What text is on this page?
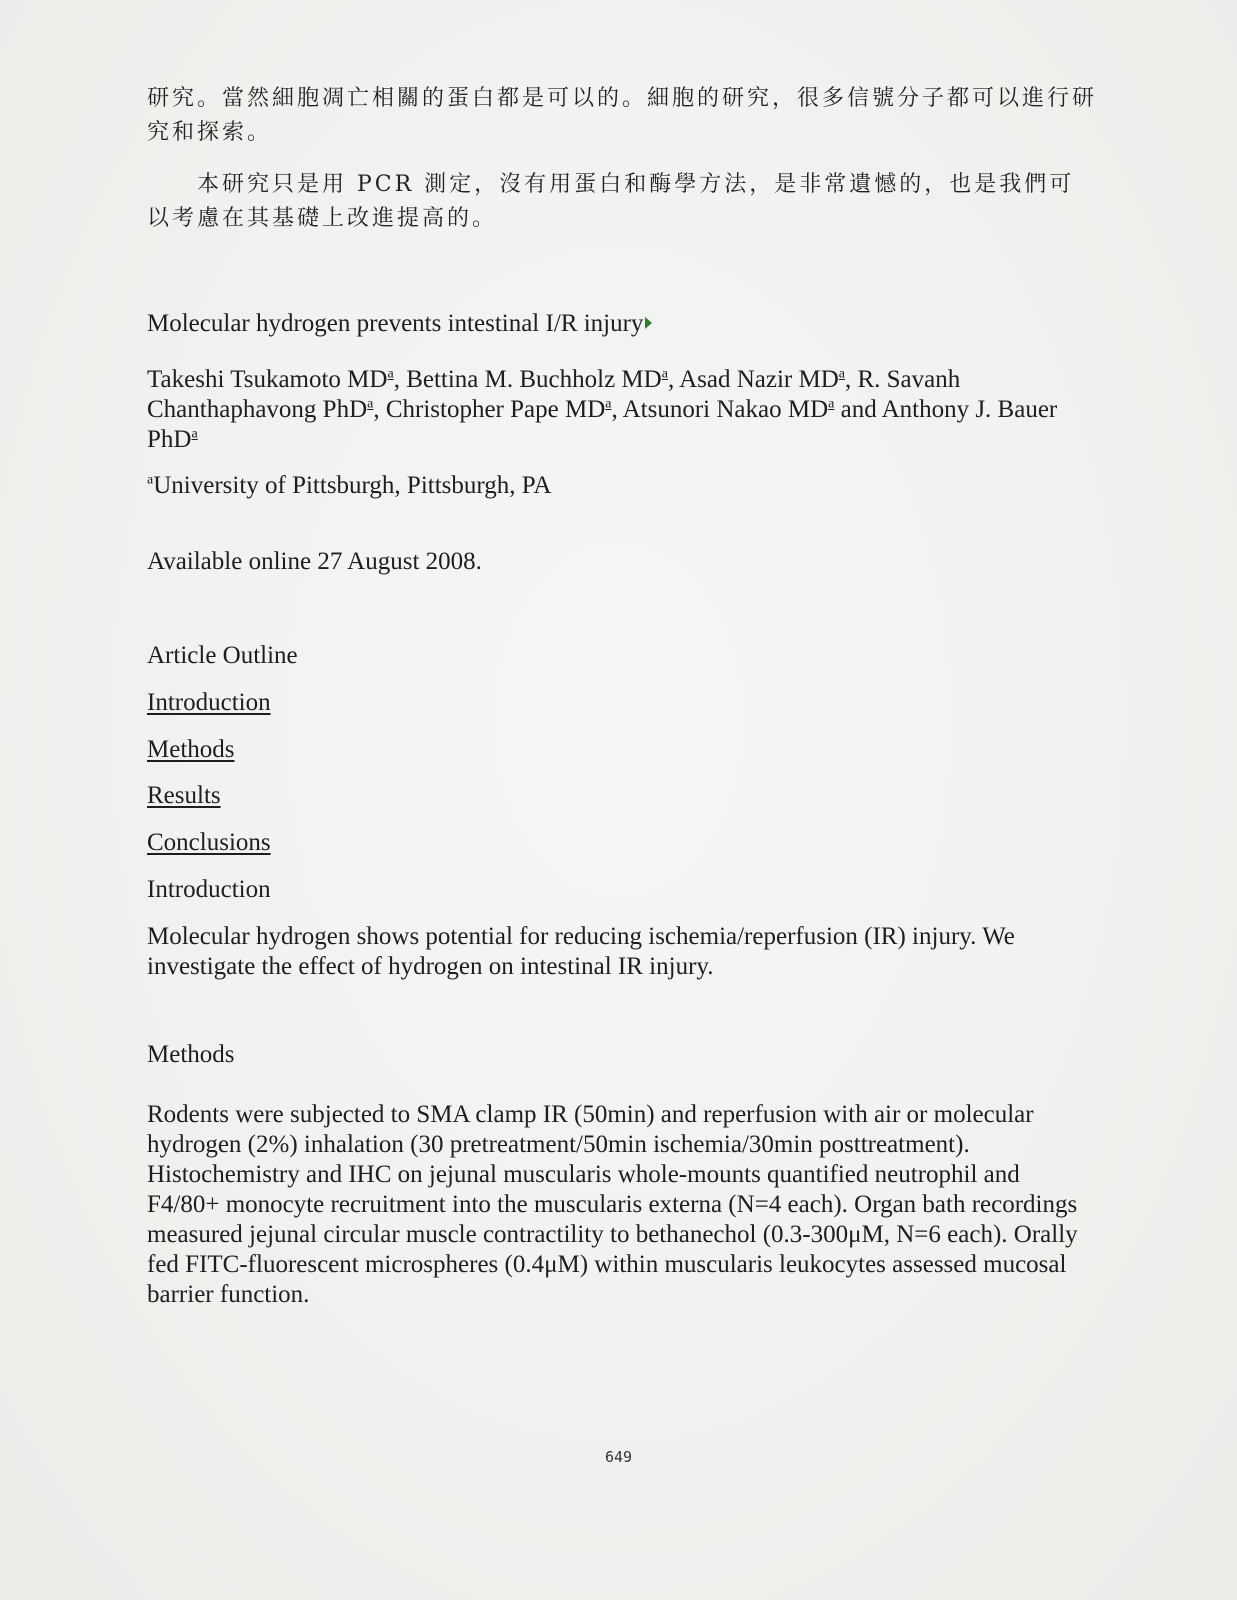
研究。當然細胞凋亡相關的蛋白都是可以的。細胞的研究，很多信號分子都可以進行研究和探索。

本研究只是用 PCR 測定，沒有用蛋白和酶學方法，是非常遺憾的，也是我們可以考慮在其基礎上改進提高的。

Molecular hydrogen prevents intestinal I/R injury

Takeshi Tsukamoto $MD^a$, Bettina M. Buchholz $MD^a$, Asad Nazir $MD^a$, R. Savanh Chanthaphavong PhD$^a$, Christopher Pape $MD^a$, Atsunori Nakao $MD^a$ and Anthony J. Bauer PhD$^a$

$^a$University of Pittsburgh, Pittsburgh, PA

Available online 27 August 2008.

Article Outline

Introduction

Methods

Results

Conclusions

Introduction

Molecular hydrogen shows potential for reducing ischemia/reperfusion (IR) injury. We investigate the effect of hydrogen on intestinal IR injury.

Methods

Rodents were subjected to SMA clamp IR (50min) and reperfusion with air or molecular hydrogen (2%) inhalation (30 pretreatment/50min ischemia/30min posttreatment). Histochemistry and IHC on jejunal muscularis whole-mounts quantified neutrophil and F4/80+ monocyte recruitment into the muscularis externa (N=4 each). Organ bath recordings measured jejunal circular muscle contractility to bethanechol (0.3-300μM, N=6 each). Orally fed FITC-fluorescent microspheres (0.4μM) within muscularis leukocytes assessed mucosal barrier function.

649
